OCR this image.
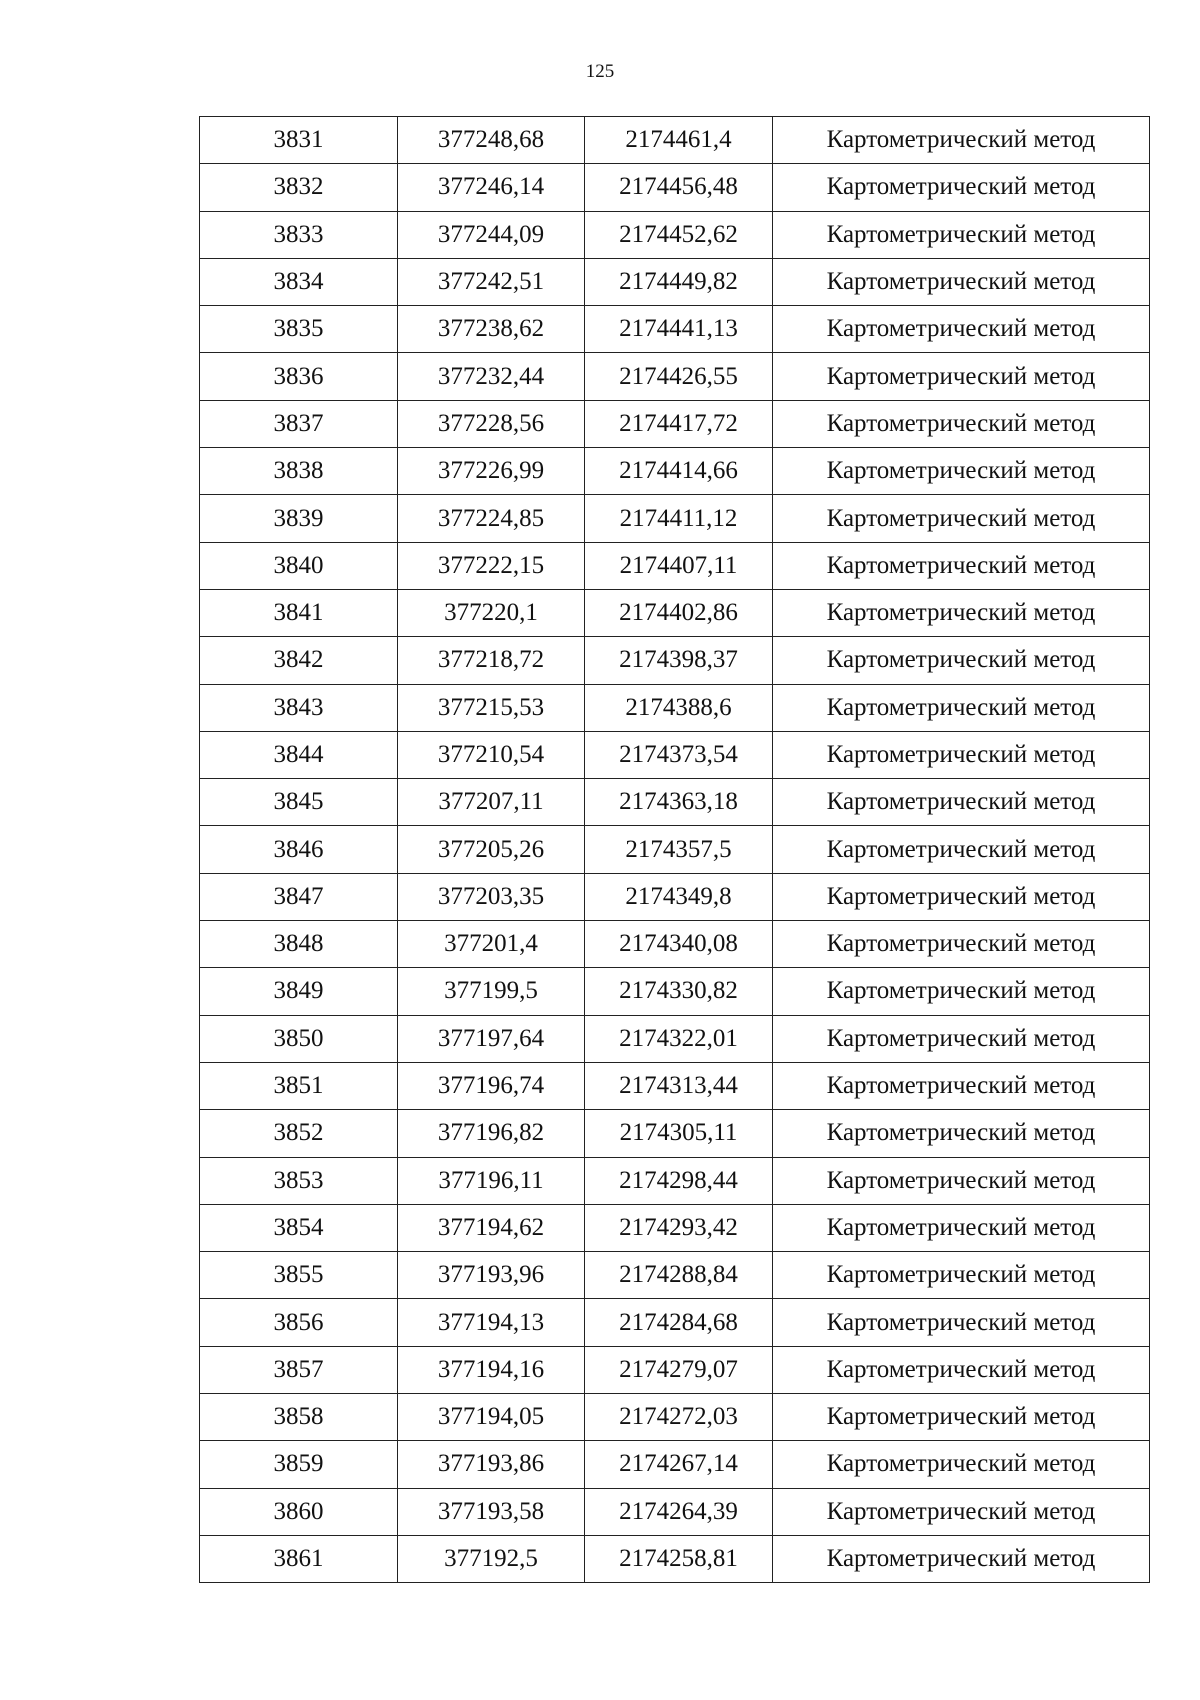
125
3831	377248,68	2174461,4	Картометрический метод
3832	377246,14	2174456,48	Картометрический метод
3833	377244,09	2174452,62	Картометрический метод
3834	377242,51	2174449,82	Картометрический метод
3835	377238,62	2174441,13	Картометрический метод
3836	377232,44	2174426,55	Картометрический метод
3837	377228,56	2174417,72	Картометрический метод
3838	377226,99	2174414,66	Картометрический метод
3839	377224,85	2174411,12	Картометрический метод
3840	377222,15	2174407,11	Картометрический метод
3841	377220,1	2174402,86	Картометрический метод
3842	377218,72	2174398,37	Картометрический метод
3843	377215,53	2174388,6	Картометрический метод
3844	377210,54	2174373,54	Картометрический метод
3845	377207,11	2174363,18	Картометрический метод
3846	377205,26	2174357,5	Картометрический метод
3847	377203,35	2174349,8	Картометрический метод
3848	377201,4	2174340,08	Картометрический метод
3849	377199,5	2174330,82	Картометрический метод
3850	377197,64	2174322,01	Картометрический метод
3851	377196,74	2174313,44	Картометрический метод
3852	377196,82	2174305,11	Картометрический метод
3853	377196,11	2174298,44	Картометрический метод
3854	377194,62	2174293,42	Картометрический метод
3855	377193,96	2174288,84	Картометрический метод
3856	377194,13	2174284,68	Картометрический метод
3857	377194,16	2174279,07	Картометрический метод
3858	377194,05	2174272,03	Картометрический метод
3859	377193,86	2174267,14	Картометрический метод
3860	377193,58	2174264,39	Картометрический метод
3861	377192,5	2174258,81	Картометрический метод
